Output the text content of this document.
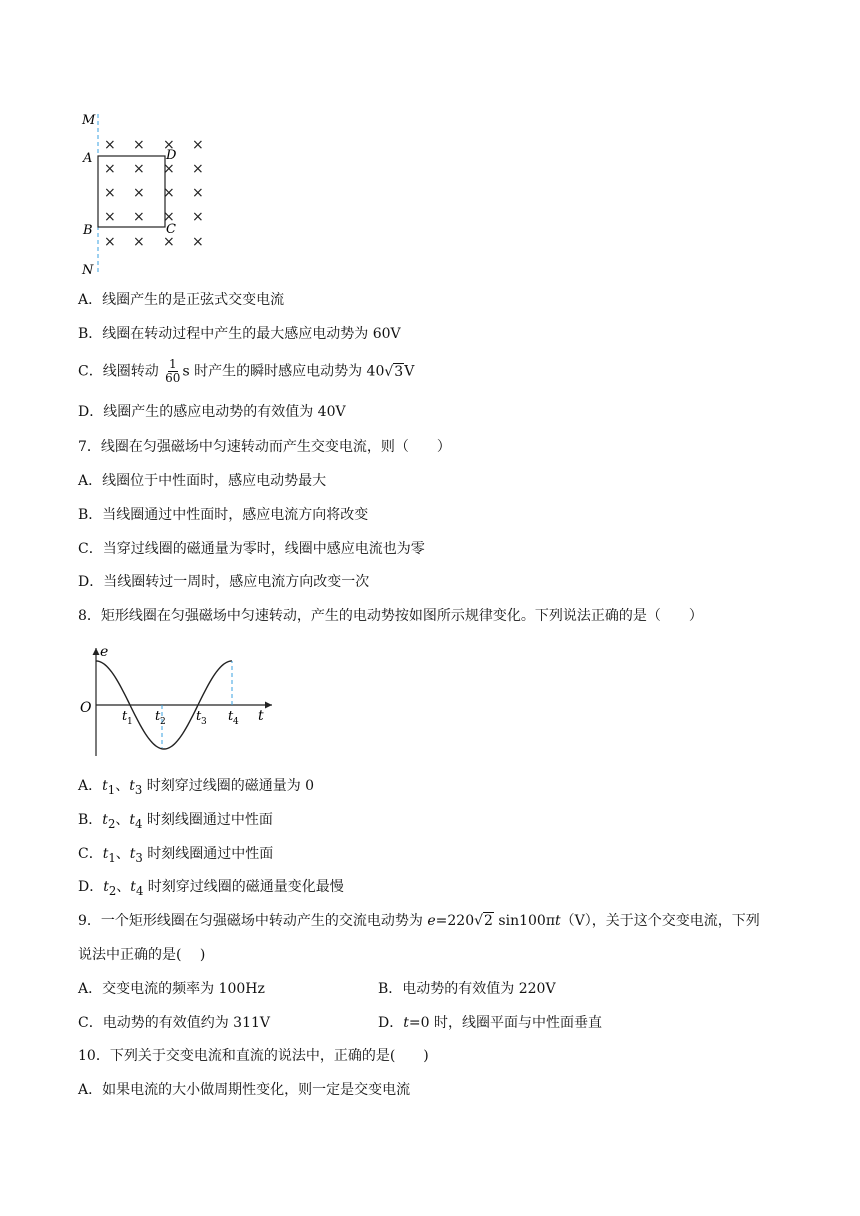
× × × ×
× × × ×
× × × ×
× × × ×
× × × ×
M
A	D
B	C
N
A．线圈产生的是正弦式交变电流
B．线圈在转动过程中产生的最大感应电动势为 60V
C．线圈转动 $\frac{1}{60}$ s 时产生的瞬时感应电动势为 40√3V
D．线圈产生的感应电动势的有效值为 40V
7．线圈在匀强磁场中匀速转动而产生交变电流，则（　　）
A．线圈位于中性面时，感应电动势最大
B．当线圈通过中性面时，感应电流方向将改变
C．当穿过线圈的磁通量为零时，线圈中感应电流也为零
D．当线圈转过一周时，感应电流方向改变一次
8．矩形线圈在匀强磁场中匀速转动，产生的电动势按如图所示规律变化。下列说法正确的是（　　）
e
O	t
t 1 t 2 t 3 t 4
A．$t_1$、$t_3$ 时刻穿过线圈的磁通量为 0
B．$t_2$、$t_4$ 时刻线圈通过中性面
C．$t_1$、$t_3$ 时刻线圈通过中性面
D．$t_2$、$t_4$ 时刻穿过线圈的磁通量变化最慢
9．一个矩形线圈在匀强磁场中转动产生的交流电动势为 e=220√2 sin100πt（V），关于这个交变电流，下列
说法中正确的是(　 )
A．交变电流的频率为 100Hz	B．电动势的有效值为 220V
C．电动势的有效值约为 311V	D．t=0 时，线圈平面与中性面垂直
10．下列关于交变电流和直流的说法中，正确的是(　　)
A．如果电流的大小做周期性变化，则一定是交变电流
